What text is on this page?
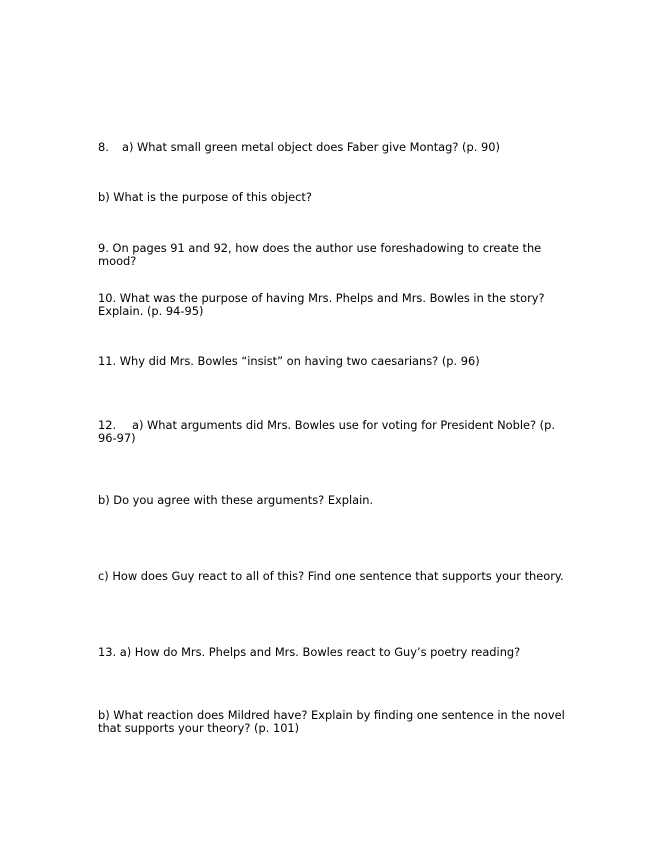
8. a) What small green metal object does Faber give Montag? (p. 90)

b) What is the purpose of this object?

9. On pages 91 and 92, how does the author use foreshadowing to create the mood?

10. What was the purpose of having Mrs. Phelps and Mrs. Bowles in the story? Explain. (p. 94-95)

11. Why did Mrs. Bowles “insist” on having two caesarians? (p. 96)

12. a) What arguments did Mrs. Bowles use for voting for President Noble? (p. 96-97)

b) Do you agree with these arguments? Explain.

c) How does Guy react to all of this? Find one sentence that supports your theory.

13. a) How do Mrs. Phelps and Mrs. Bowles react to Guy’s poetry reading?

b) What reaction does Mildred have? Explain by finding one sentence in the novel that supports your theory? (p. 101)
